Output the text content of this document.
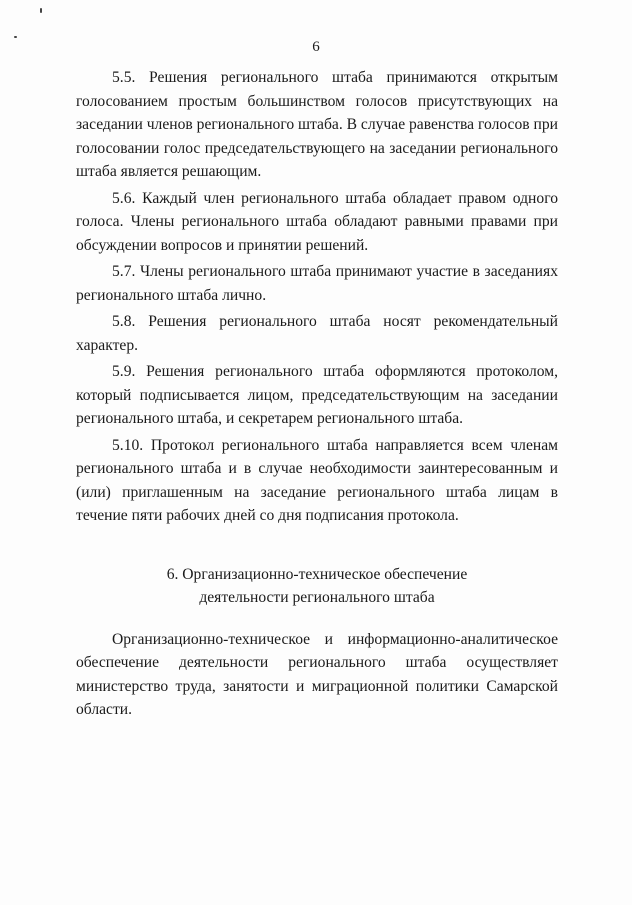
6

5.5. Решения регионального штаба принимаются открытым голосованием простым большинством голосов присутствующих на заседании членов регионального штаба. В случае равенства голосов при голосовании голос председательствующего на заседании регионального штаба является решающим.

5.6. Каждый член регионального штаба обладает правом одного голоса. Члены регионального штаба обладают равными правами при обсуждении вопросов и принятии решений.

5.7. Члены регионального штаба принимают участие в заседаниях регионального штаба лично.

5.8. Решения регионального штаба носят рекомендательный характер.

5.9. Решения регионального штаба оформляются протоколом, который подписывается лицом, председательствующим на заседании регионального штаба, и секретарем регионального штаба.

5.10. Протокол регионального штаба направляется всем членам регионального штаба и в случае необходимости заинтересованным и (или) приглашенным на заседание регионального штаба лицам в течение пяти рабочих дней со дня подписания протокола.

6. Организационно-техническое обеспечение
деятельности регионального штаба

Организационно-техническое и информационно-аналитическое обеспечение деятельности регионального штаба осуществляет министерство труда, занятости и миграционной политики Самарской области.
